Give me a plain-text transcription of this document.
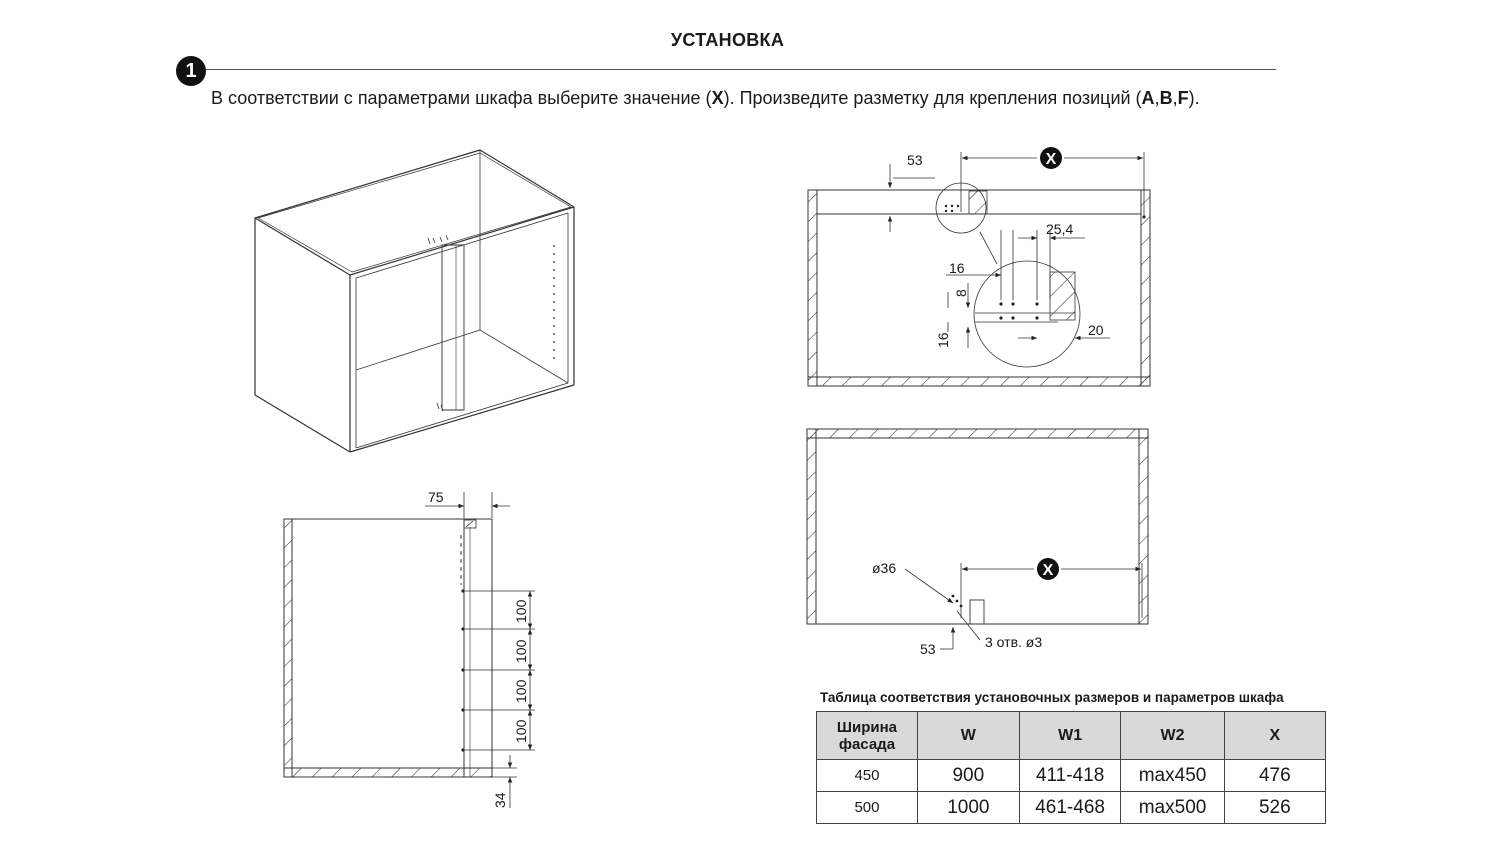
УСТАНОВКА
1
В соответствии с параметрами шкафа выберите значение (X). Произведите разметку для крепления позиций (A,B,F).
75
100
100
100
100
34
X
53
25,4
16
8
16
20
X
ø36
53	3 отв. ø3
Таблица соответствия установочных размеров и параметров шкафа
Ширина фасада	W	W1	W2	X
450	900	411-418	max450	476
500	1000	461-468	max500	526
